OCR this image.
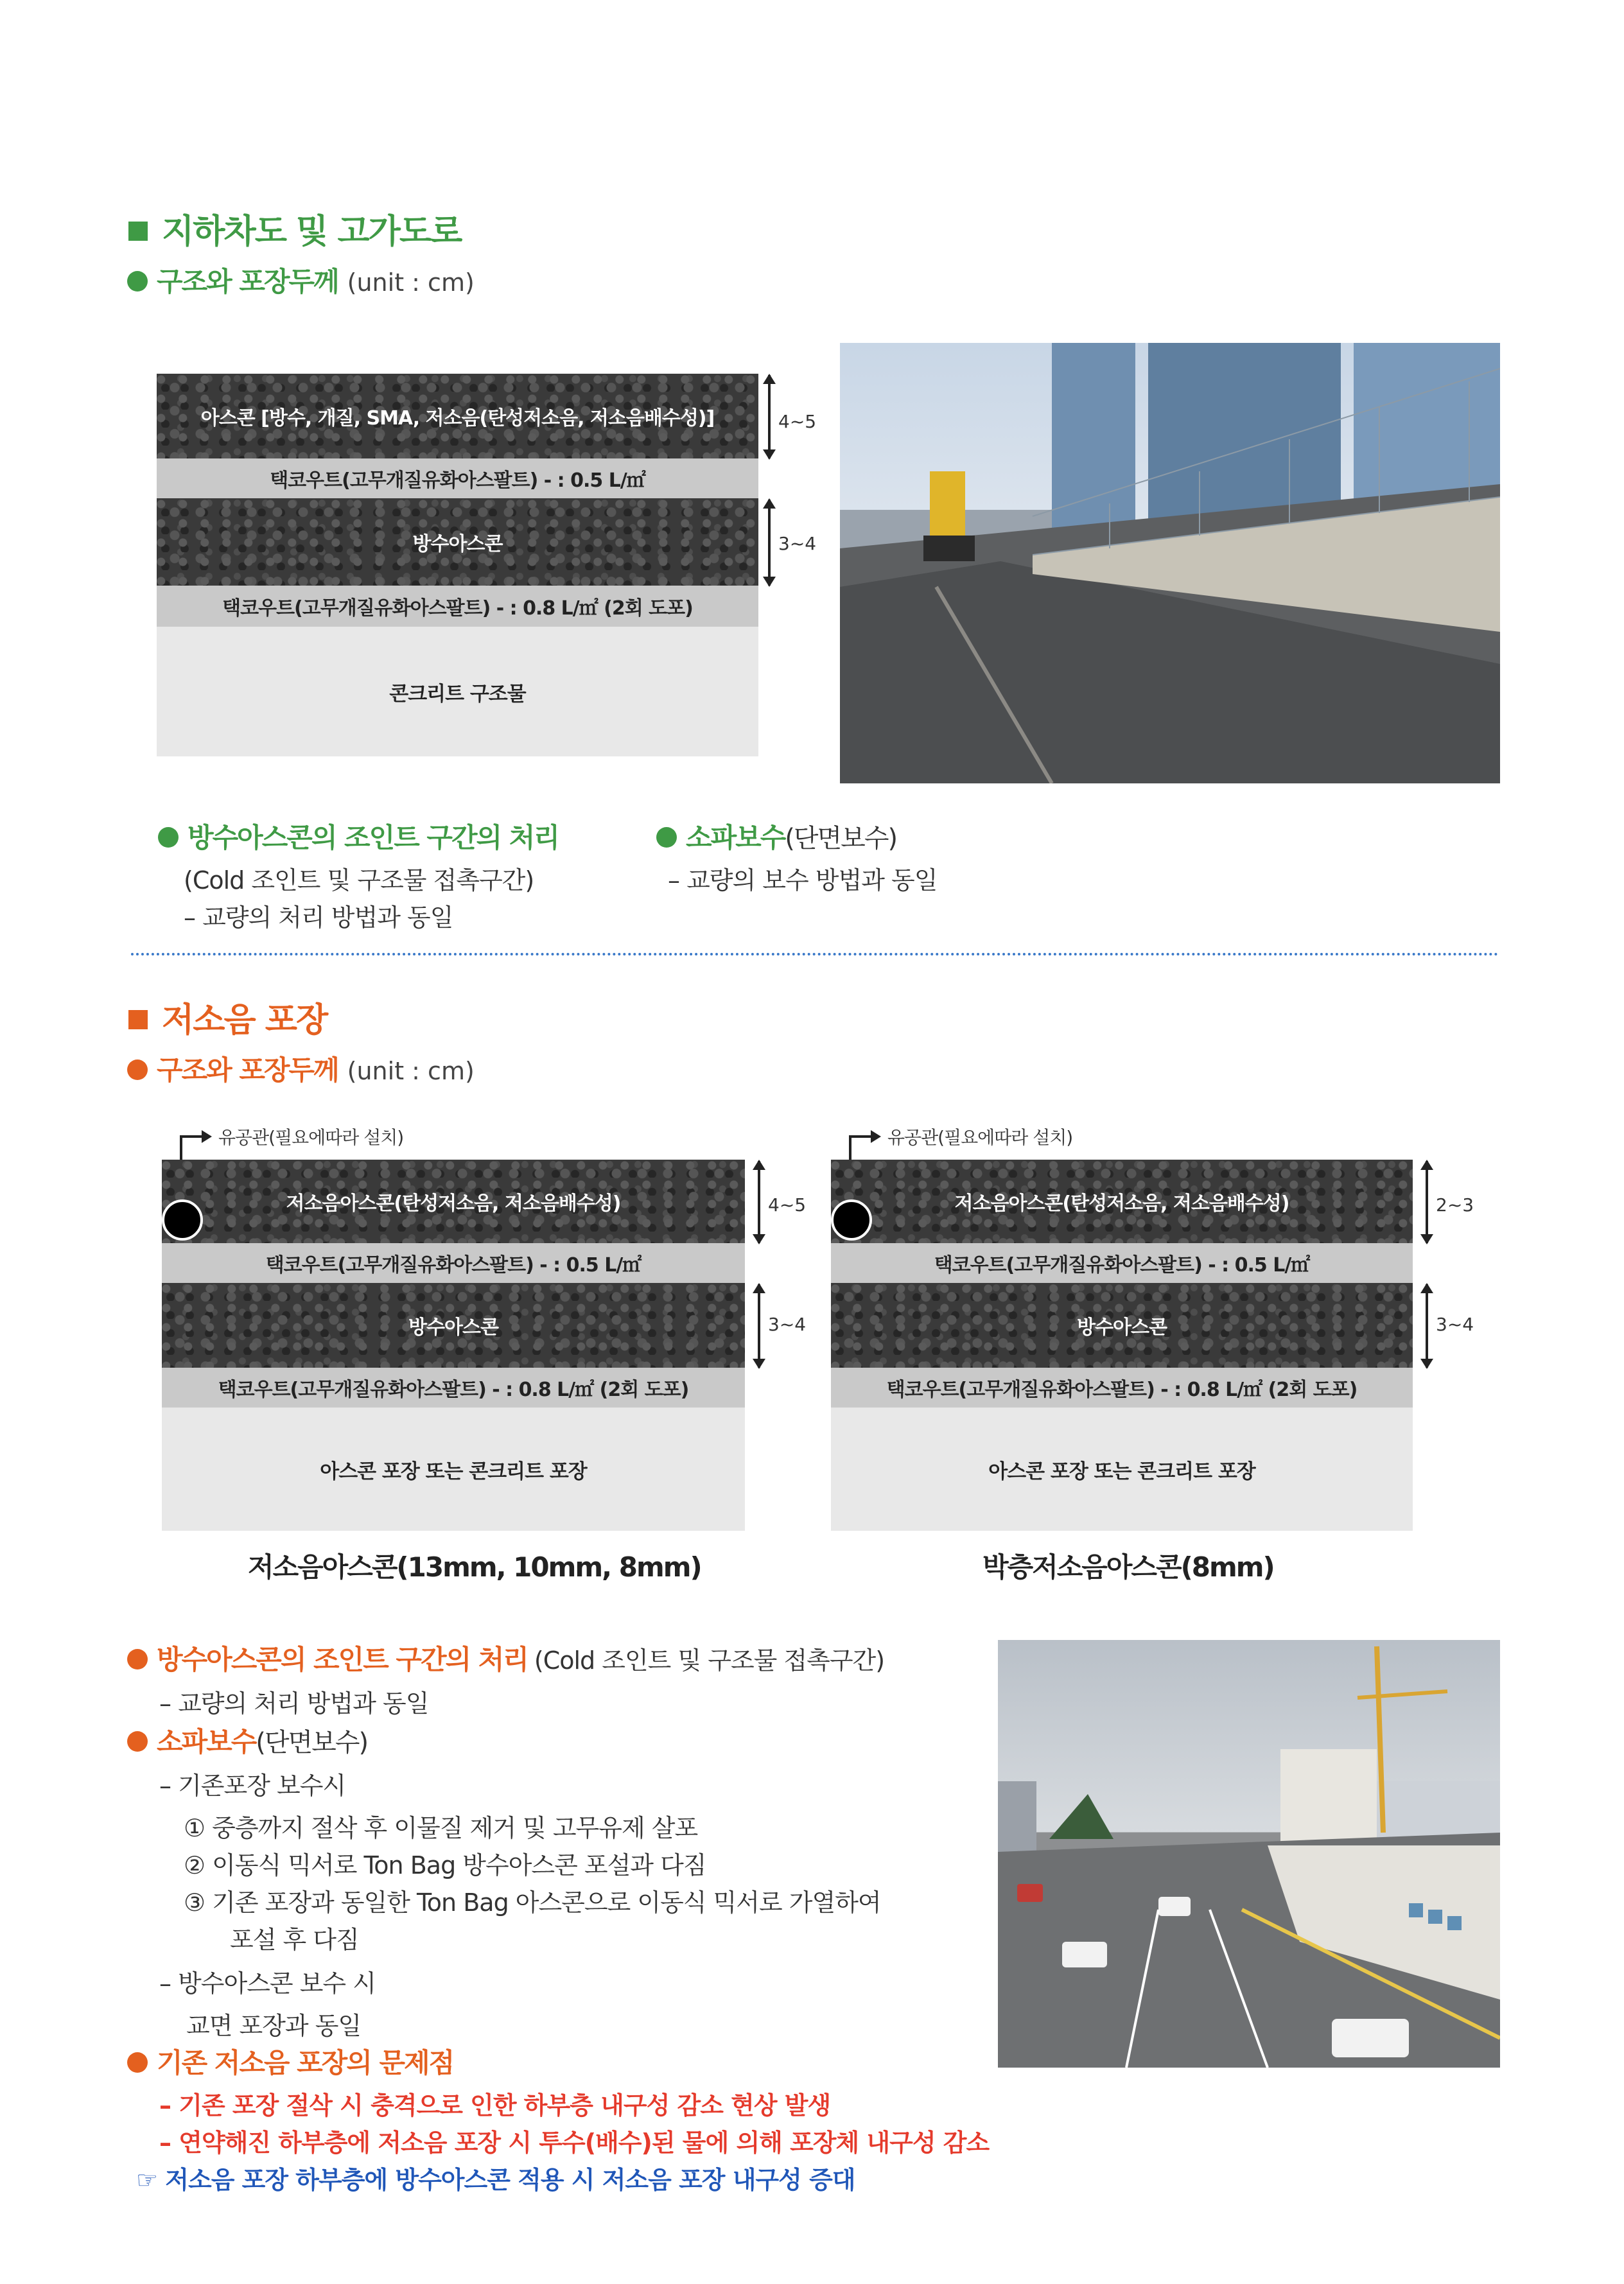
지하차도 및 고가도로
구조와 포장두께 (unit : cm)
아스콘 [방수, 개질, SMA, 저소음(탄성저소음, 저소음배수성)]
택코우트(고무개질유화아스팔트) - : 0.5 L/㎡
방수아스콘
택코우트(고무개질유화아스팔트) - : 0.8 L/㎡ (2회 도포)
콘크리트 구조물
4~5
3~4
방수아스콘의 조인트 구간의 처리
(Cold 조인트 및 구조물 접촉구간)
– 교량의 처리 방법과 동일
소파보수(단면보수)
– 교량의 보수 방법과 동일
저소음 포장
구조와 포장두께 (unit : cm)
유공관(필요에따라 설치)
저소음아스콘(탄성저소음, 저소음배수성)
택코우트(고무개질유화아스팔트) - : 0.5 L/㎡
방수아스콘
택코우트(고무개질유화아스팔트) - : 0.8 L/㎡ (2회 도포)
아스콘 포장 또는 콘크리트 포장
4~5
3~4
저소음아스콘(13mm, 10mm, 8mm)
유공관(필요에따라 설치)
저소음아스콘(탄성저소음, 저소음배수성)
택코우트(고무개질유화아스팔트) - : 0.5 L/㎡
방수아스콘
택코우트(고무개질유화아스팔트) - : 0.8 L/㎡ (2회 도포)
아스콘 포장 또는 콘크리트 포장
2~3
3~4
박층저소음아스콘(8mm)
방수아스콘의 조인트 구간의 처리 (Cold 조인트 및 구조물 접촉구간)
– 교량의 처리 방법과 동일
소파보수(단면보수)
– 기존포장 보수시
① 중층까지 절삭 후 이물질 제거 및 고무유제 살포
② 이동식 믹서로 Ton Bag 방수아스콘 포설과 다짐
③ 기존 포장과 동일한 Ton Bag 아스콘으로 이동식 믹서로 가열하여
포설 후 다짐
– 방수아스콘 보수 시
교면 포장과 동일
기존 저소음 포장의 문제점
– 기존 포장 절삭 시 충격으로 인한 하부층 내구성 감소 현상 발생
– 연약해진 하부층에 저소음 포장 시 투수(배수)된 물에 의해 포장체 내구성 감소
☞ 저소음 포장 하부층에 방수아스콘 적용 시 저소음 포장 내구성 증대
